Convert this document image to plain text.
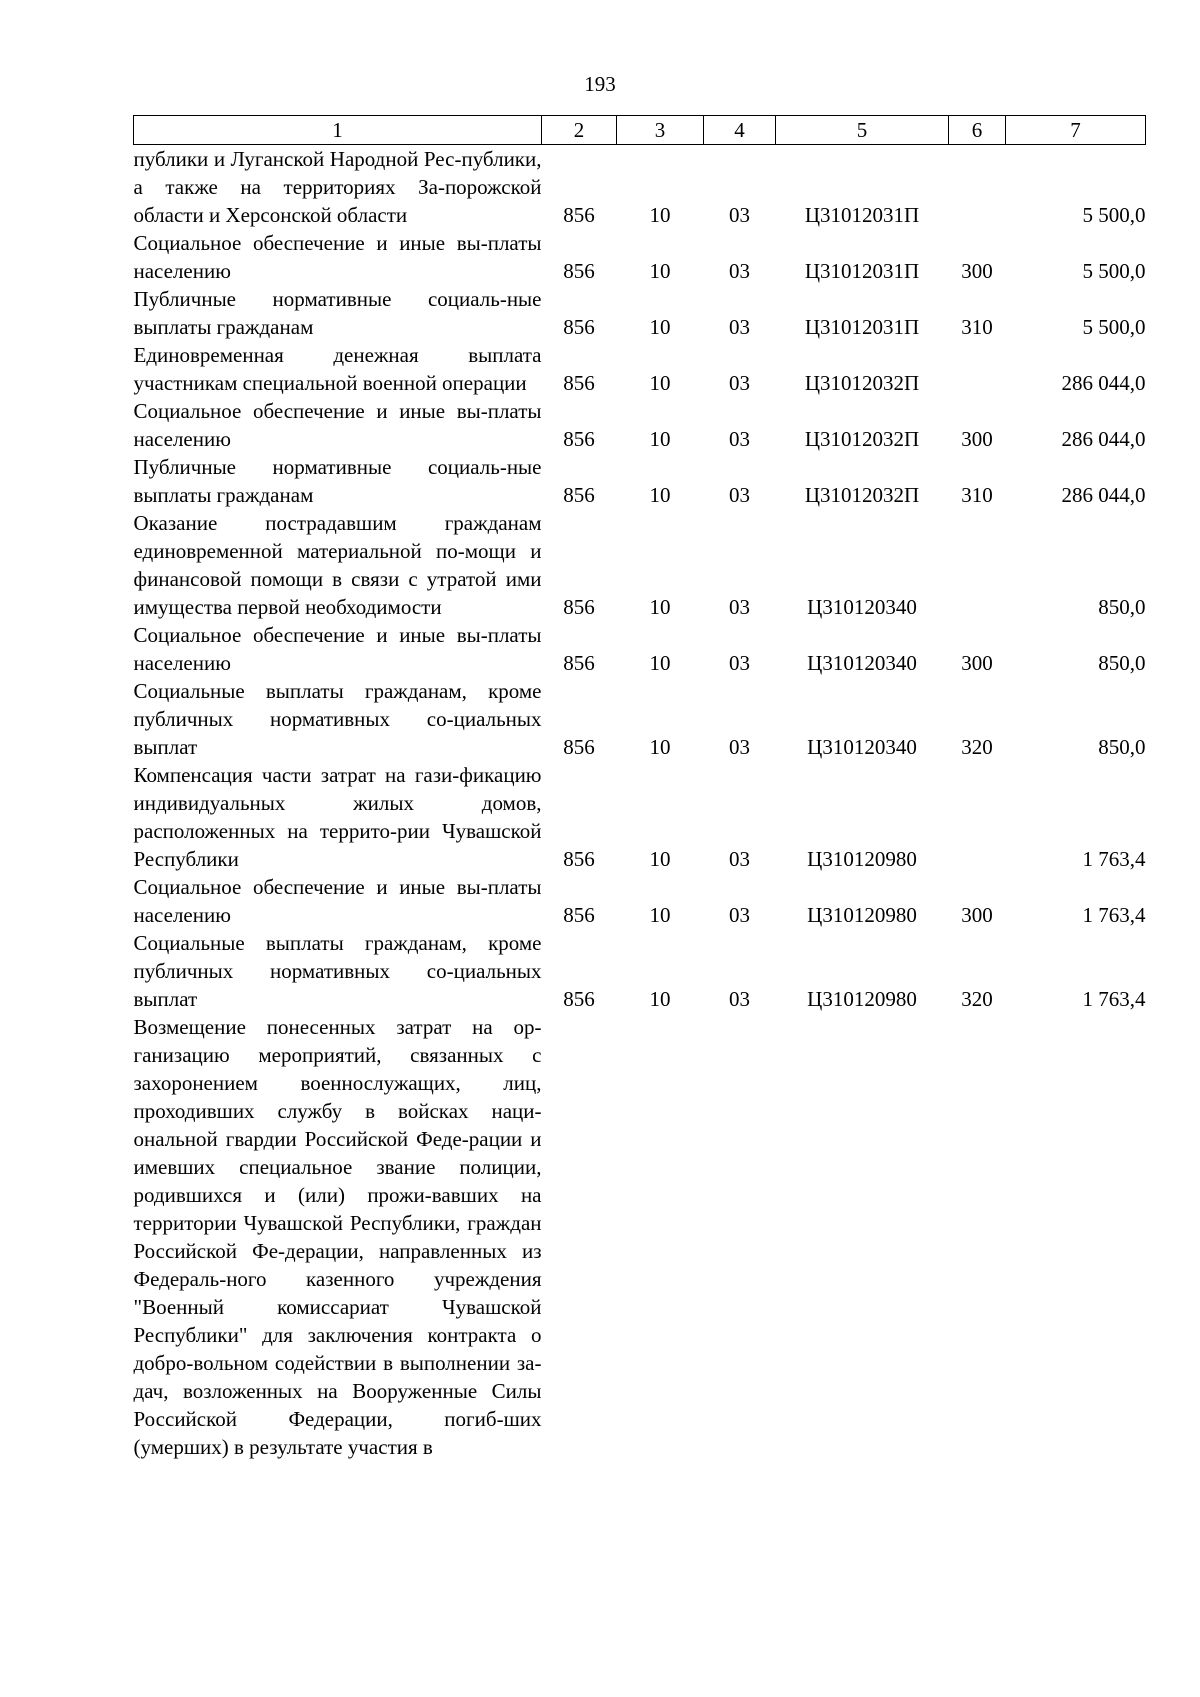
193
1	2	3	4	5	6	7
публики и Луганской Народной Рес-публики, а также на территориях За-порожской области и Херсонской области	856	10	03	Ц31012031П		5 500,0
Социальное обеспечение и иные вы-платы населению	856	10	03	Ц31012031П	300	5 500,0
Публичные нормативные социаль-ные выплаты гражданам	856	10	03	Ц31012031П	310	5 500,0
Единовременная денежная выплата участникам специальной военной операции	856	10	03	Ц31012032П		286 044,0
Социальное обеспечение и иные вы-платы населению	856	10	03	Ц31012032П	300	286 044,0
Публичные нормативные социаль-ные выплаты гражданам	856	10	03	Ц31012032П	310	286 044,0
Оказание пострадавшим гражданам единовременной материальной по-мощи и финансовой помощи в связи с утратой ими имущества первой необходимости	856	10	03	Ц310120340		850,0
Социальное обеспечение и иные вы-платы населению	856	10	03	Ц310120340	300	850,0
Социальные выплаты гражданам, кроме публичных нормативных со-циальных выплат	856	10	03	Ц310120340	320	850,0
Компенсация части затрат на гази-фикацию индивидуальных жилых домов, расположенных на террито-рии Чувашской Республики	856	10	03	Ц310120980		1 763,4
Социальное обеспечение и иные вы-платы населению	856	10	03	Ц310120980	300	1 763,4
Социальные выплаты гражданам, кроме публичных нормативных со-циальных выплат	856	10	03	Ц310120980	320	1 763,4
Возмещение понесенных затрат на ор-ганизацию мероприятий, связанных с захоронением военнослужащих, лиц, проходивших службу в войсках наци-ональной гвардии Российской Феде-рации и имевших специальное звание полиции, родившихся и (или) прожи-вавших на территории Чувашской Республики, граждан Российской Фе-дерации, направленных из Федераль-ного казенного учреждения "Военный комиссариат Чувашской Республики" для заключения контракта о добро-вольном содействии в выполнении за-дач, возложенных на Вооруженные Силы Российской Федерации, погиб-ших (умерших) в результате участия в						
